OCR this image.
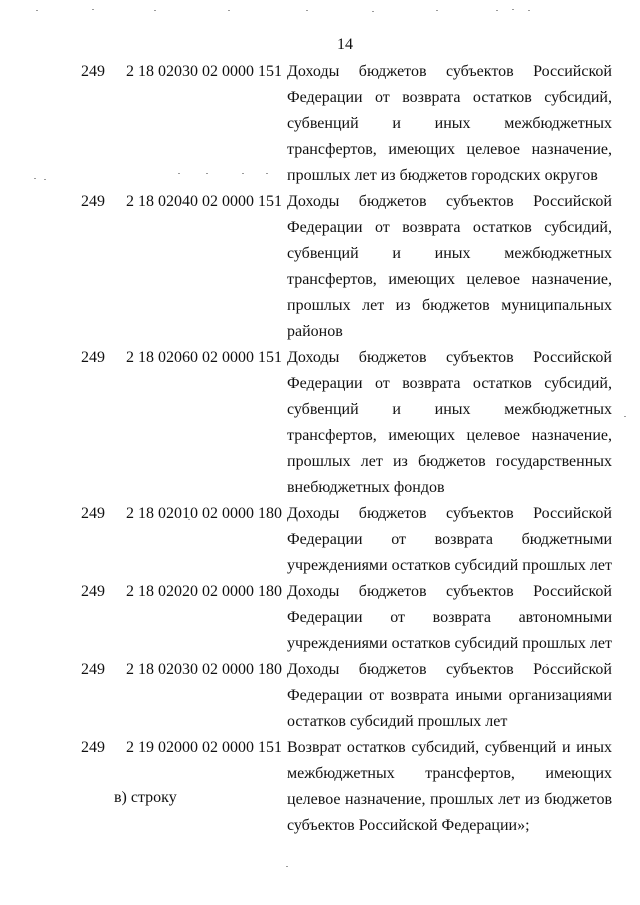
14
249 2 18 02030 02 0000 151 Доходы бюджетов субъектов Российской Федерации от возврата остатков субсидий, субвенций и иных межбюджетных трансфертов, имеющих целевое назначение, прошлых лет из бюджетов городских округов
249 2 18 02040 02 0000 151 Доходы бюджетов субъектов Российской Федерации от возврата остатков субсидий, субвенций и иных межбюджетных трансфертов, имеющих целевое назначение, прошлых лет из бюджетов муниципальных районов
249 2 18 02060 02 0000 151 Доходы бюджетов субъектов Российской Федерации от возврата остатков субсидий, субвенций и иных межбюджетных трансфертов, имеющих целевое назначение, прошлых лет из бюджетов государственных внебюджетных фондов
249 2 18 02010 02 0000 180 Доходы бюджетов субъектов Российской Федерации от возврата бюджетными учреждениями остатков субсидий прошлых лет
249 2 18 02020 02 0000 180 Доходы бюджетов субъектов Российской Федерации от возврата автономными учреждениями остатков субсидий прошлых лет
249 2 18 02030 02 0000 180 Доходы бюджетов субъектов Российской Федерации от возврата иными организациями остатков субсидий прошлых лет
249 2 19 02000 02 0000 151 Возврат остатков субсидий, субвенций и иных межбюджетных трансфертов, имеющих целевое назначение, прошлых лет из бюджетов субъектов Российской Федерации»;
в) строку
